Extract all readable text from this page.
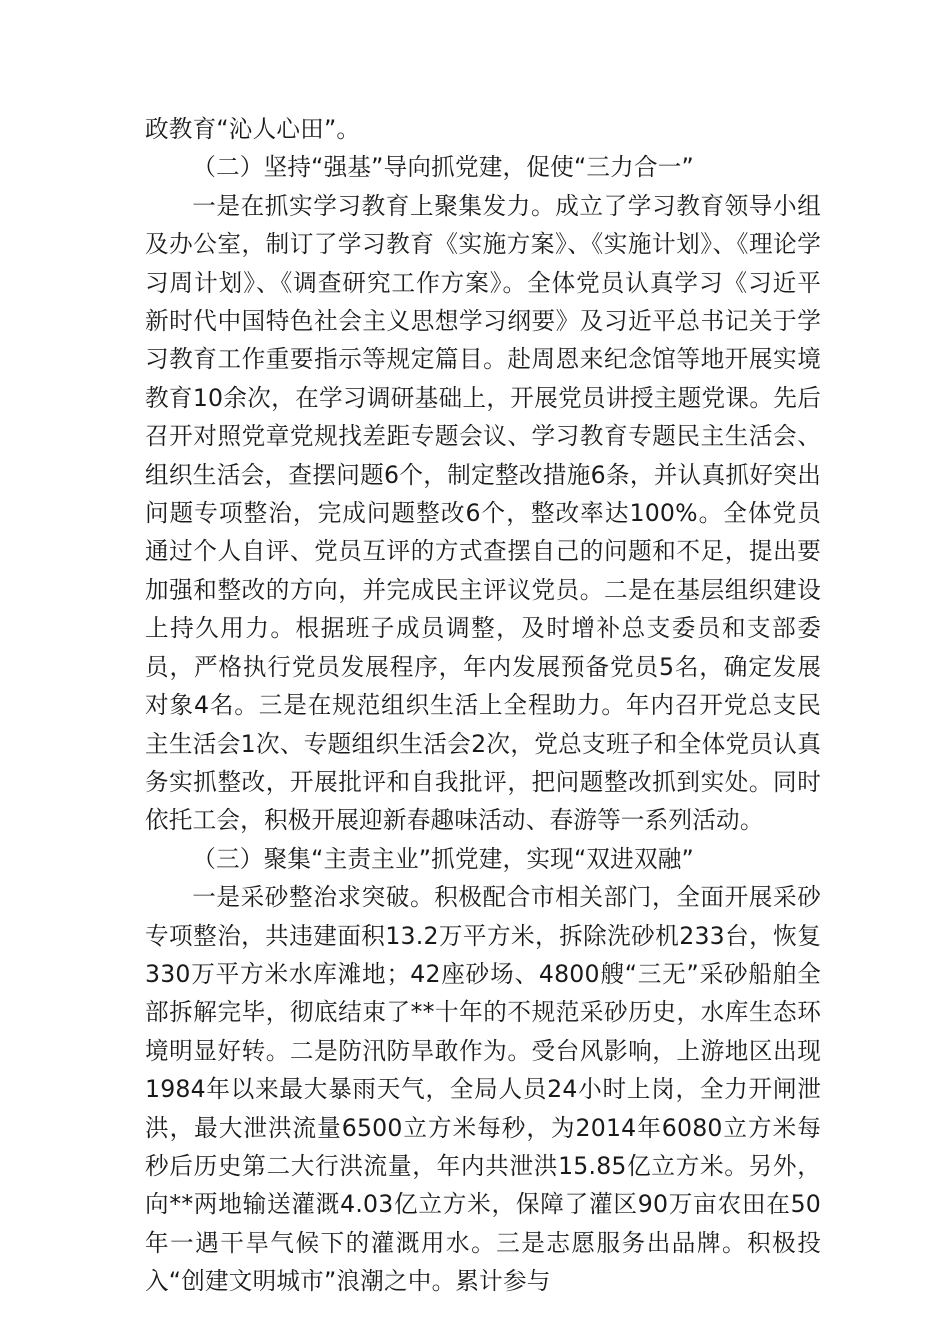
政教育“沁人心田”。

（二）坚持“强基”导向抓党建，促使“三力合一”

一是在抓实学习教育上聚集发力。成立了学习教育领导小组及办公室，制订了学习教育《实施方案》、《实施计划》、《理论学习周计划》、《调查研究工作方案》。全体党员认真学习《习近平新时代中国特色社会主义思想学习纲要》及习近平总书记关于学习教育工作重要指示等规定篇目。赴周恩来纪念馆等地开展实境教育10余次，在学习调研基础上，开展党员讲授主题党课。先后召开对照党章党规找差距专题会议、学习教育专题民主生活会、组织生活会，查摆问题6个，制定整改措施6条，并认真抓好突出问题专项整治，完成问题整改6个，整改率达100%。全体党员通过个人自评、党员互评的方式查摆自己的问题和不足，提出要加强和整改的方向，并完成民主评议党员。二是在基层组织建设上持久用力。根据班子成员调整，及时增补总支委员和支部委员，严格执行党员发展程序，年内发展预备党员5名，确定发展对象4名。三是在规范组织生活上全程助力。年内召开党总支民主生活会1次、专题组织生活会2次，党总支班子和全体党员认真务实抓整改，开展批评和自我批评，把问题整改抓到实处。同时依托工会，积极开展迎新春趣味活动、春游等一系列活动。

（三）聚集“主责主业”抓党建，实现“双进双融”

一是采砂整治求突破。积极配合市相关部门，全面开展采砂专项整治，共违建面积13.2万平方米，拆除洗砂机233台，恢复330万平方米水库滩地；42座砂场、4800艘“三无”采砂船舶全部拆解完毕，彻底结束了**十年的不规范采砂历史，水库生态环境明显好转。二是防汛防旱敢作为。受台风影响，上游地区出现1984年以来最大暴雨天气，全局人员24小时上岗，全力开闸泄洪，最大泄洪流量6500立方米每秒，为2014年6080立方米每秒后历史第二大行洪流量，年内共泄洪15.85亿立方米。另外，向**两地输送灌溉4.03亿立方米，保障了灌区90万亩农田在50年一遇干旱气候下的灌溉用水。三是志愿服务出品牌。积极投入“创建文明城市”浪潮之中。累计参与
